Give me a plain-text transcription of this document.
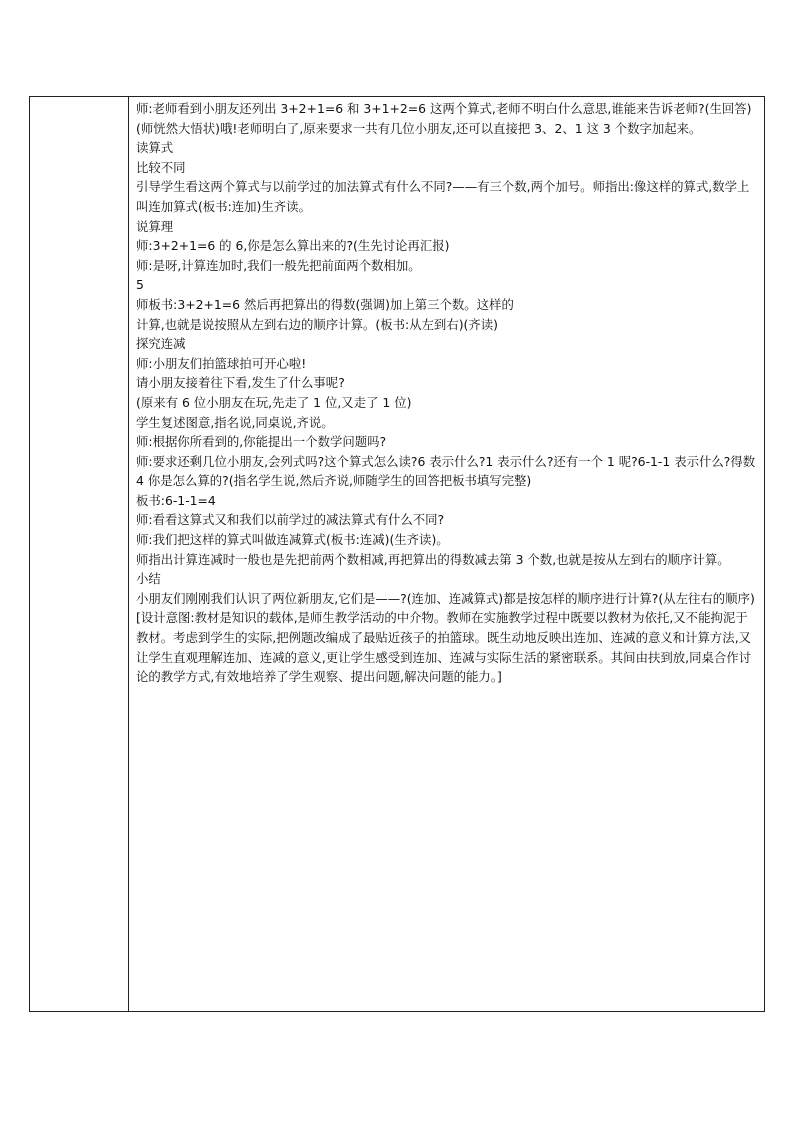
师:老师看到小朋友还列出 3+2+1=6 和 3+1+2=6 这两个算式,老师不明白什么意思,谁能来告诉老师?(生回答)
(师恍然大悟状)哦!老师明白了,原来要求一共有几位小朋友,还可以直接把 3、2、1 这 3 个数字加起来。
读算式
比较不同
引导学生看这两个算式与以前学过的加法算式有什么不同?——有三个数,两个加号。师指出:像这样的算式,数学上叫连加算式(板书:连加)生齐读。
说算理
师:3+2+1=6 的 6,你是怎么算出来的?(生先讨论再汇报)
师:是呀,计算连加时,我们一般先把前面两个数相加。
5
师板书:3+2+1=6 然后再把算出的得数(强调)加上第三个数。这样的
计算,也就是说按照从左到右边的顺序计算。(板书:从左到右)(齐读)
探究连减
师:小朋友们拍篮球拍可开心啦!
请小朋友接着往下看,发生了什么事呢?
(原来有 6 位小朋友在玩,先走了 1 位,又走了 1 位)
学生复述图意,指名说,同桌说,齐说。
师:根据你所看到的,你能提出一个数学问题吗?
师:要求还剩几位小朋友,会列式吗?这个算式怎么读?6 表示什么?1 表示什么?还有一个 1 呢?6-1-1 表示什么?得数 4 你是怎么算的?(指名学生说,然后齐说,师随学生的回答把板书填写完整)
板书:6-1-1=4
师:看看这算式又和我们以前学过的减法算式有什么不同?
师:我们把这样的算式叫做连减算式(板书:连减)(生齐读)。
师指出计算连减时一般也是先把前两个数相减,再把算出的得数减去第 3 个数,也就是按从左到右的顺序计算。
小结
小朋友们刚刚我们认识了两位新朋友,它们是——?(连加、连减算式)都是按怎样的顺序进行计算?(从左往右的顺序)
[设计意图:教材是知识的载体,是师生教学活动的中介物。教师在实施教学过程中既要以教材为依托,又不能拘泥于教材。考虑到学生的实际,把例题改编成了最贴近孩子的拍篮球。既生动地反映出连加、连减的意义和计算方法,又让学生直观理解连加、连减的意义,更让学生感受到连加、连减与实际生活的紧密联系。其间由扶到放,同桌合作讨论的教学方式,有效地培养了学生观察、提出问题,解决问题的能力。]
